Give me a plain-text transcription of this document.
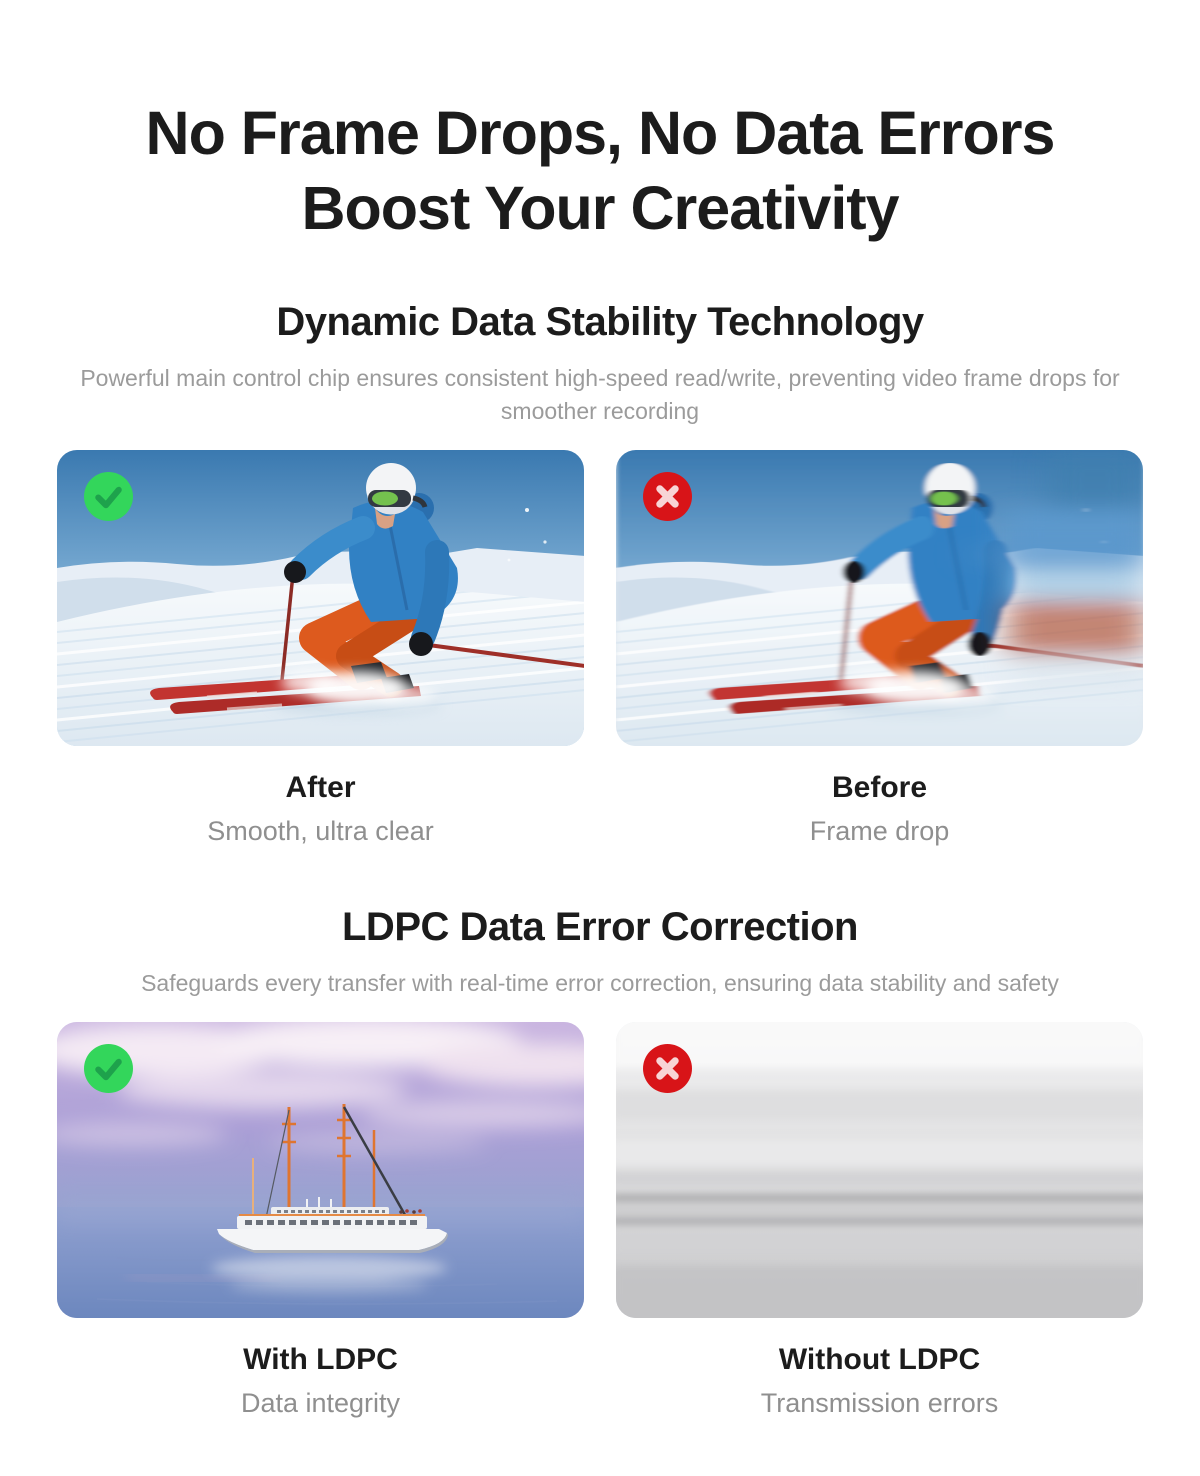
No Frame Drops, No Data Errors
Boost Your Creativity
Dynamic Data Stability Technology

Powerful main control chip ensures consistent high-speed read/write, preventing video frame drops for smoother recording

After

Smooth, ultra clear

Before

Frame drop

LDPC Data Error Correction

Safeguards every transfer with real-time error correction, ensuring data stability and safety

With LDPC

Data integrity

Without LDPC

Transmission errors
